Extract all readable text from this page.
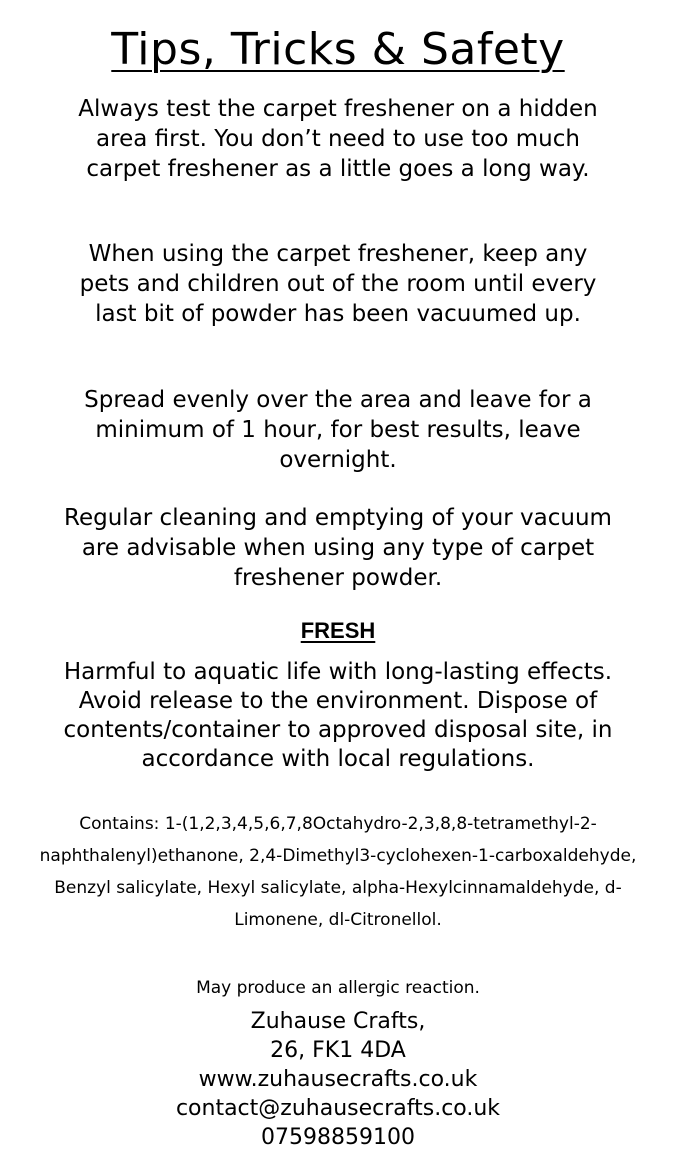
Tips, Tricks & Safety

Always test the carpet freshener on a hidden area first. You don’t need to use too much carpet freshener as a little goes a long way.

When using the carpet freshener, keep any pets and children out of the room until every last bit of powder has been vacuumed up.

Spread evenly over the area and leave for a minimum of 1 hour, for best results, leave overnight.

Regular cleaning and emptying of your vacuum are advisable when using any type of carpet freshener powder.

FRESH

Harmful to aquatic life with long-lasting effects. Avoid release to the environment. Dispose of contents/container to approved disposal site, in accordance with local regulations.

Contains: 1-(1,2,3,4,5,6,7,8Octahydro-2,3,8,8-tetramethyl-2-naphthalenyl)ethanone, 2,4-Dimethyl3-cyclohexen-1-carboxaldehyde, Benzyl salicylate, Hexyl salicylate, alpha-Hexylcinnamaldehyde, d-Limonene, dl-Citronellol.

May produce an allergic reaction.

Zuhause Crafts,
26, FK1 4DA
www.zuhausecrafts.co.uk
contact@zuhausecrafts.co.uk
07598859100
